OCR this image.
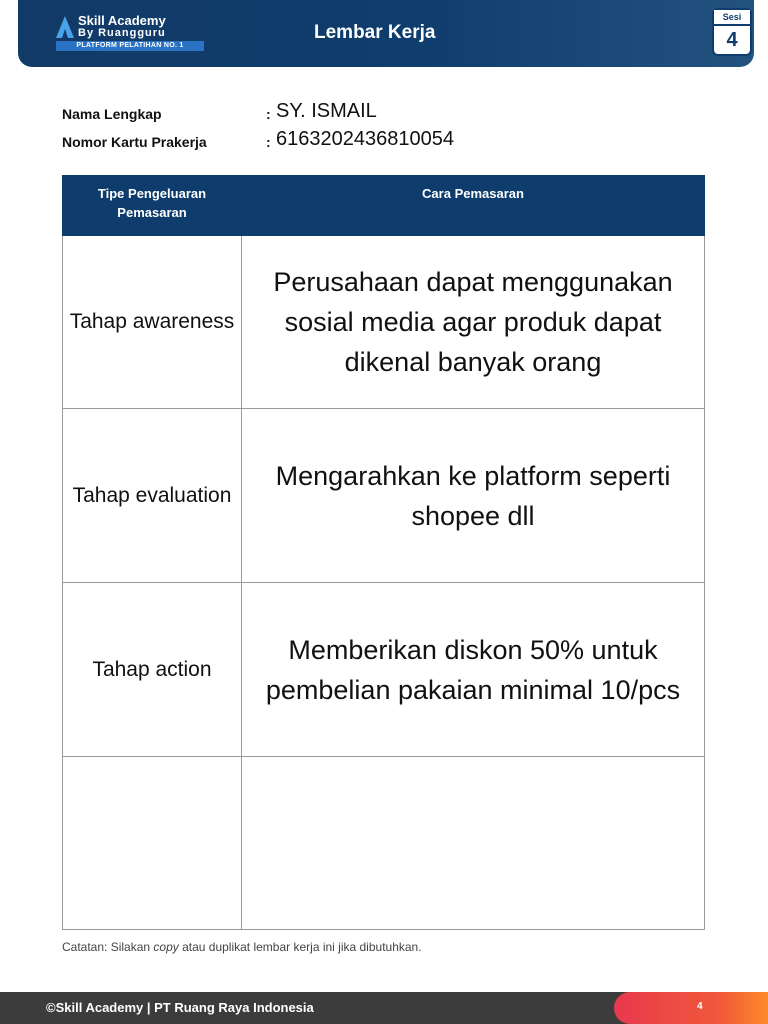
Skill Academy
By Ruangguru
PLATFORM PELATIHAN NO. 1
Lembar Kerja
Sesi
4
Nama Lengkap	: SY. ISMAIL
Nomor Kartu Prakerja	: 6163202436810054
Tipe Pengeluaran Pemasaran	Cara Pemasaran
Tahap awareness	Perusahaan dapat menggunakan sosial media agar produk dapat dikenal banyak orang
Tahap evaluation	Mengarahkan ke platform seperti shopee dll
Tahap action	Memberikan diskon 50% untuk pembelian pakaian minimal 10/pcs

Catatan: Silakan copy atau duplikat lembar kerja ini jika dibutuhkan.
©Skill Academy | PT Ruang Raya Indonesia	4
